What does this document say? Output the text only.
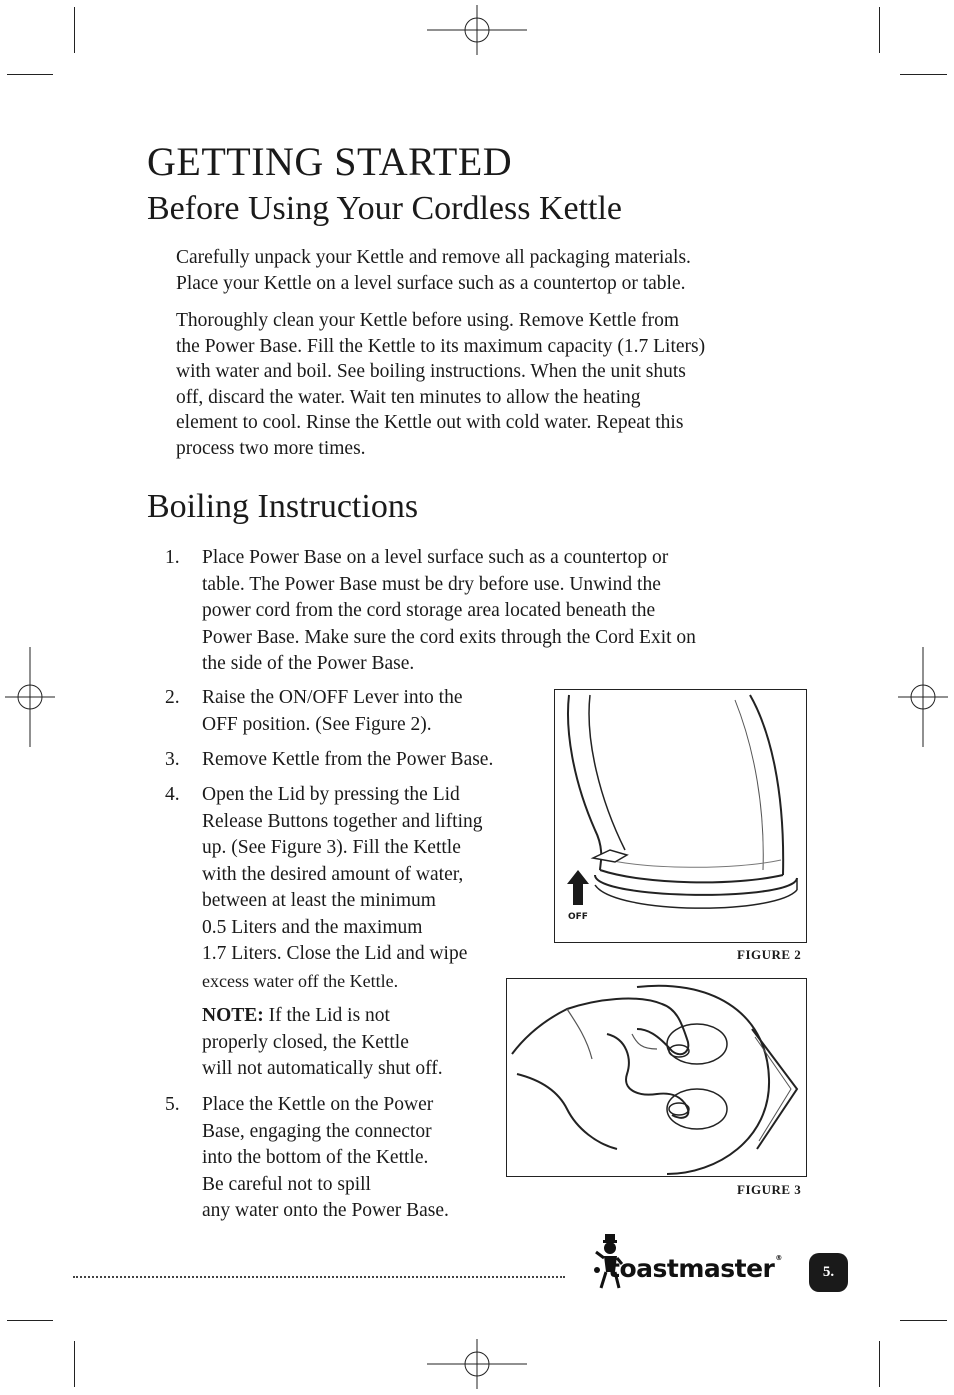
GETTING STARTED
Before Using Your Cordless Kettle
Carefully unpack your Kettle and remove all packaging materials.
Place your Kettle on a level surface such as a countertop or table.
Thoroughly clean your Kettle before using. Remove Kettle from
the Power Base. Fill the Kettle to its maximum capacity (1.7 Liters)
with water and boil. See boiling instructions. When the unit shuts
off, discard the water. Wait ten minutes to allow the heating
element to cool. Rinse the Kettle out with cold water. Repeat this
process two more times.
Boiling Instructions
1. Place Power Base on a level surface such as a countertop or
table. The Power Base must be dry before use. Unwind the
power cord from the cord storage area located beneath the
Power Base. Make sure the cord exits through the Cord Exit on
the side of the Power Base.
2. Raise the ON/OFF Lever into the
OFF position. (See Figure 2).
3. Remove Kettle from the Power Base.
4. Open the Lid by pressing the Lid
Release Buttons together and lifting
up. (See Figure 3). Fill the Kettle
with the desired amount of water,
between at least the minimum
0.5 Liters and the maximum
1.7 Liters. Close the Lid and wipe
excess water off the Kettle.
NOTE: If the Lid is not
properly closed, the Kettle
will not automatically shut off.
5. Place the Kettle on the Power
Base, engaging the connector
into the bottom of the Kettle.
Be careful not to spill
any water onto the Power Base.
OFF
FIGURE 2
FIGURE 3
toastmaster®
5.
